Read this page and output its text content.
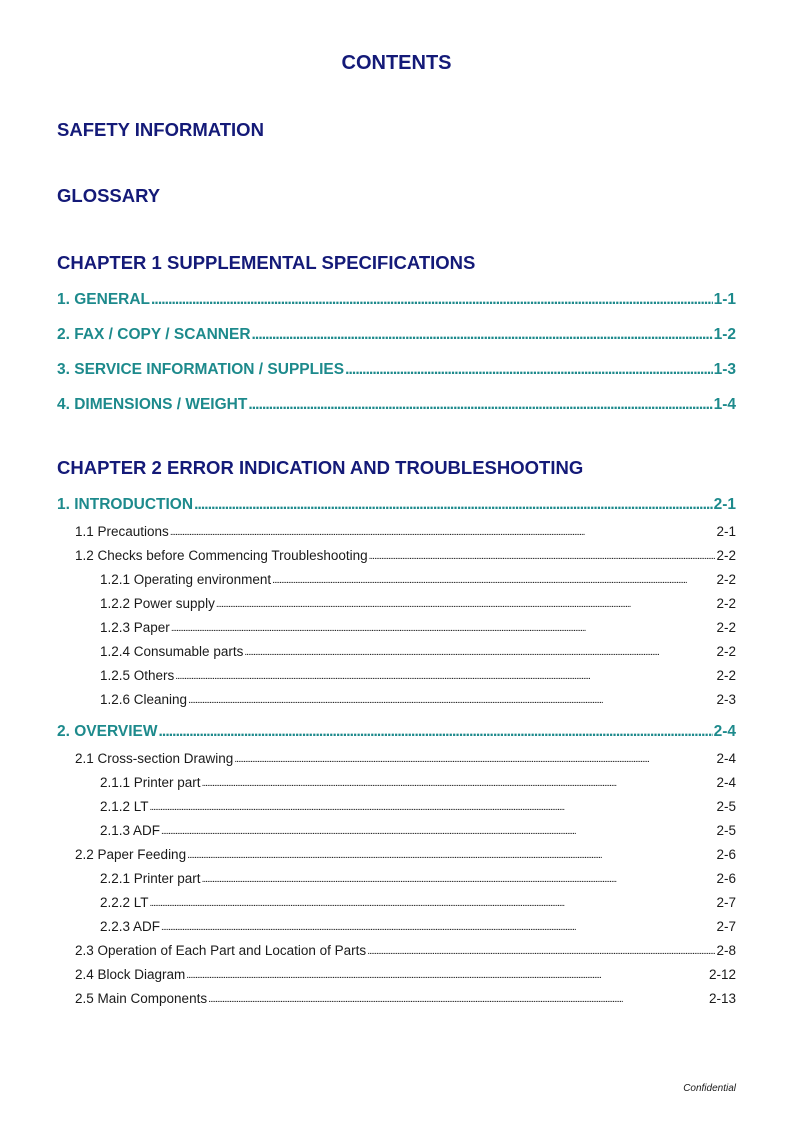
CONTENTS
SAFETY INFORMATION
GLOSSARY
CHAPTER 1 SUPPLEMENTAL SPECIFICATIONS
1. GENERAL . . .	1-1
2. FAX / COPY / SCANNER . . .	1-2
3. SERVICE INFORMATION / SUPPLIES . . .	1-3
4. DIMENSIONS / WEIGHT . . .	1-4
CHAPTER 2 ERROR INDICATION AND TROUBLESHOOTING
1. INTRODUCTION . . .	2-1
1.1 Precautions . . .	2-1
1.2 Checks before Commencing Troubleshooting . . .	2-2
1.2.1 Operating environment . . .	2-2
1.2.2 Power supply . . .	2-2
1.2.3 Paper . . .	2-2
1.2.4 Consumable parts . . .	2-2
1.2.5 Others . . .	2-2
1.2.6 Cleaning . . .	2-3
2. OVERVIEW . . .	2-4
2.1 Cross-section Drawing . . .	2-4
2.1.1 Printer part . . .	2-4
2.1.2 LT . . .	2-5
2.1.3 ADF . . .	2-5
2.2 Paper Feeding . . .	2-6
2.2.1 Printer part . . .	2-6
2.2.2 LT . . .	2-7
2.2.3 ADF . . .	2-7
2.3 Operation of Each Part and Location of Parts . . .	2-8
2.4 Block Diagram . . .	2-12
2.5 Main Components . . .	2-13
Confidential
